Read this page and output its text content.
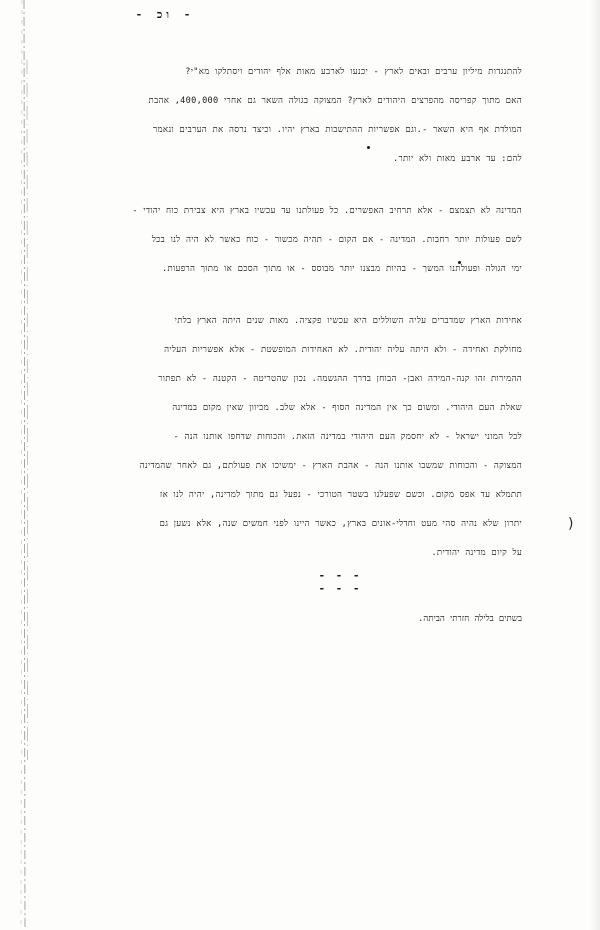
- וכ -
להתנגדות מיליון ערבים ובאים לארץ - יכנעו לארבע מאות אלף יהודים ויסתלקו מא"י?
האם מתוך קפריסה מהפרצים היהודים לארץ? המצוקה בגולה השאר גם אחרי 400,000, אהבת
המולדת אף היא השאר -.וגם אפשריות ההתישבות בארץ יהיו. וכיצד נרסה את הערבים ונאמר
להם: עד ארבע מאות ולא יותר.
המדינה לא תצמצם - אלא תרחיב האפשרים. כל פעולתנו עד עכשיו בארץ היא צבירת כוח יהודי -
לשם פעולות יותר רחבות. המדינה - אם הקום - תהיה מכשור - כוח כאשר לא היה לנו בכל
ימי הגולה ופעולתנו המשך - בהיות מבצנו יותר מבוסס - או מתוך הסכם או מתוך הרפעות.
אחידות הארץ שמדברים עליה השוללים היא עכשיו פקציה. מאות שנים היתה הארץ בלתי
מחולקת ואחידה - ולא היתה עליה יהודית. לא האחידות המופשטת - אלא אפשריות העליה
ההמירות זהו קנה-המידה ואבן- הבוחן בדרך ההגשמה. נכון שהטריטה - הקטנה - לא תפתור
שאלת העם היהודי. ומשום כך אין המדינה הסוף - אלא שלב. מכיוון שאין מקום במדינה
לכל המוני ישראל - לא יחסמק העם היהודי במדינה הזאת. והכוחות שדחפו אותנו הנה -
המצוקה - והכוחות שמשבו אותנו הנה - אהבת הארץ - ימשיכו את פעולתם, גם לאחר שהמדינה
תתמלא עד אפס מקום. וכשם שפעלנו בשטר הטורכי - נפעל גם מתוך למדינה, יהיה לנו אז
יתרון שלא נהיה סהי מעט וחדלי-אונים בארץ, כאשר היינו לפני חמשים שנה, אלא נשען גם
על קיום מדינה יהודית.
)
- - - - - -
בשתים בלילה חזרתי הביתה.
